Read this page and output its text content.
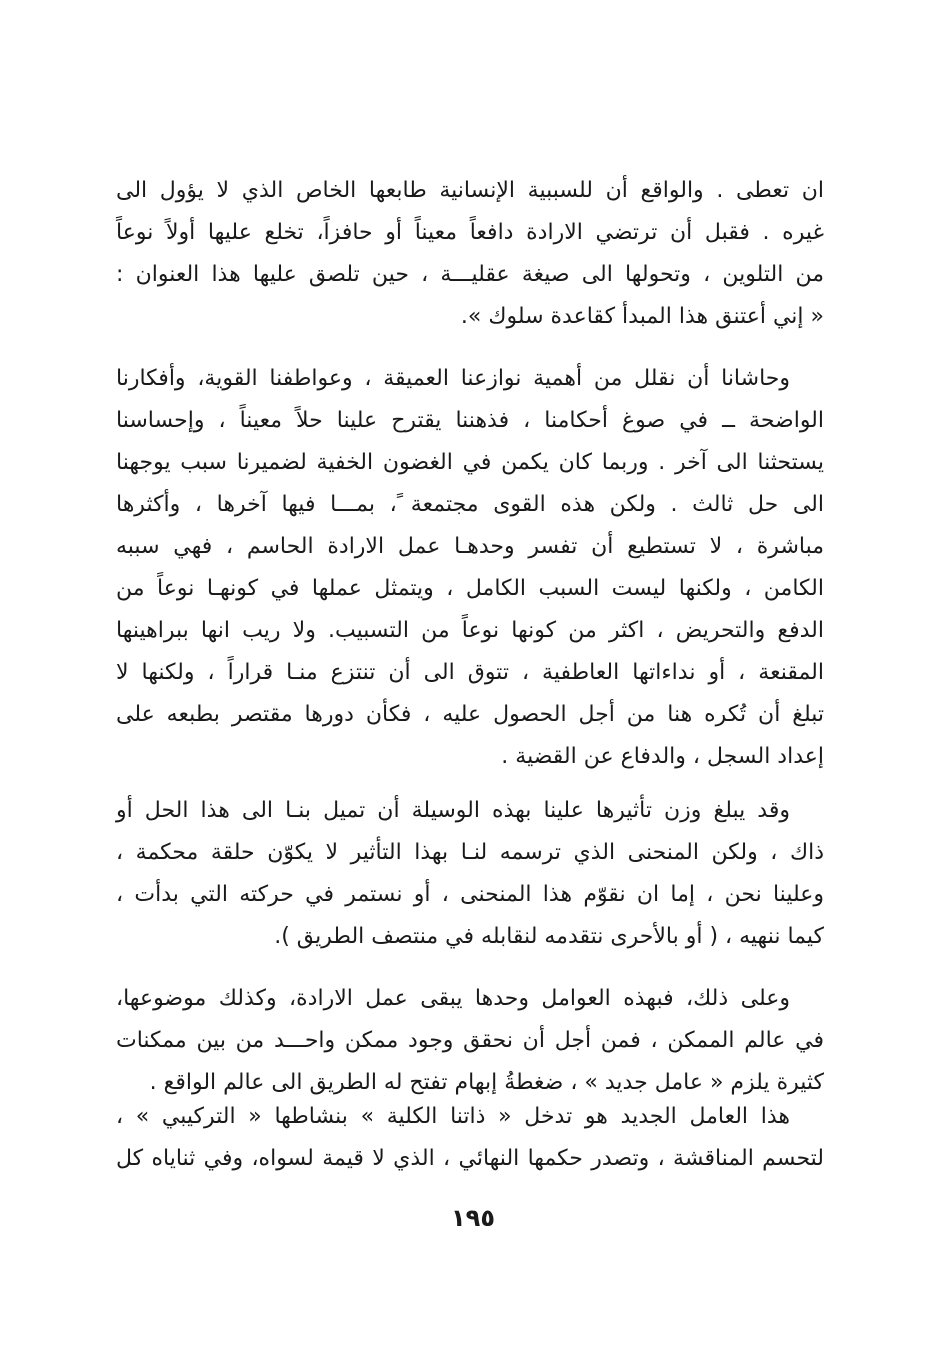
ان تعطى . والواقع أن للسببية الإنسانية طابعها الخاص الذي لا يؤول الى
غيره . فقبل أن ترتضي الارادة دافعاً معيناً أو حافزاً، تخلع عليها أولاً نوعاً
من التلوين ، وتحولها الى صيغة عقليـــة ، حين تلصق عليها هذا العنوان :
« إني أعتنق هذا المبدأ كقاعدة سلوك ».
وحاشانا أن نقلل من أهمية نوازعنا العميقة ، وعواطفنا القوية، وأفكارنا
الواضحة ــ في صوغ أحكامنا ، فذهننا يقترح علينا حلاً معيناً ، وإحساسنا
يستحثنا الى آخر . وربما كان يكمن في الغضون الخفية لضميرنا سبب يوجهنا
الى حل ثالث . ولكن هذه القوى مجتمعة ً، بمـــا فيها آخرها ، وأكثرها
مباشرة ، لا تستطيع أن تفسر وحدهـا عمل الارادة الحاسم ، فهي سببه
الكامن ، ولكنها ليست السبب الكامل ، ويتمثل عملها في كونهـا نوعاً من
الدفع والتحريض ، اكثر من كونها نوعاً من التسبيب. ولا ريب انها ببراهينها
المقنعة ، أو نداءاتها العاطفية ، تتوق الى أن تنتزع منـا قراراً ، ولكنها لا
تبلغ أن تُكره هنا من أجل الحصول عليه ، فكأن دورها مقتصر بطبعه على
إعداد السجل ، والدفاع عن القضية .
وقد يبلغ وزن تأثيرها علينا بهذه الوسيلة أن تميل بنـا الى هذا الحل أو
ذاك ، ولكن المنحنى الذي ترسمه لنـا بهذا التأثير لا يكوّن حلقة محكمة ،
وعلينا نحن ، إما ان نقوّم هذا المنحنى ، أو نستمر في حركته التي بدأت ،
كيما ننهيه ، ( أو بالأحرى نتقدمه لنقابله في منتصف الطريق ).
وعلى ذلك، فبهذه العوامل وحدها يبقى عمل الارادة، وكذلك موضوعها،
في عالم الممكن ، فمن أجل أن نحقق وجود ممكن واحـــد من بين ممكنات
كثيرة يلزم « عامل جديد » ، ضغطةُ إبهام تفتح له الطريق الى عالم الواقع .
هذا العامل الجديد هو تدخل « ذاتنا الكلية » بنشاطها « التركيبي » ،
لتحسم المناقشة ، وتصدر حكمها النهائي ، الذي لا قيمة لسواه، وفي ثناياه كل
١٩٥
